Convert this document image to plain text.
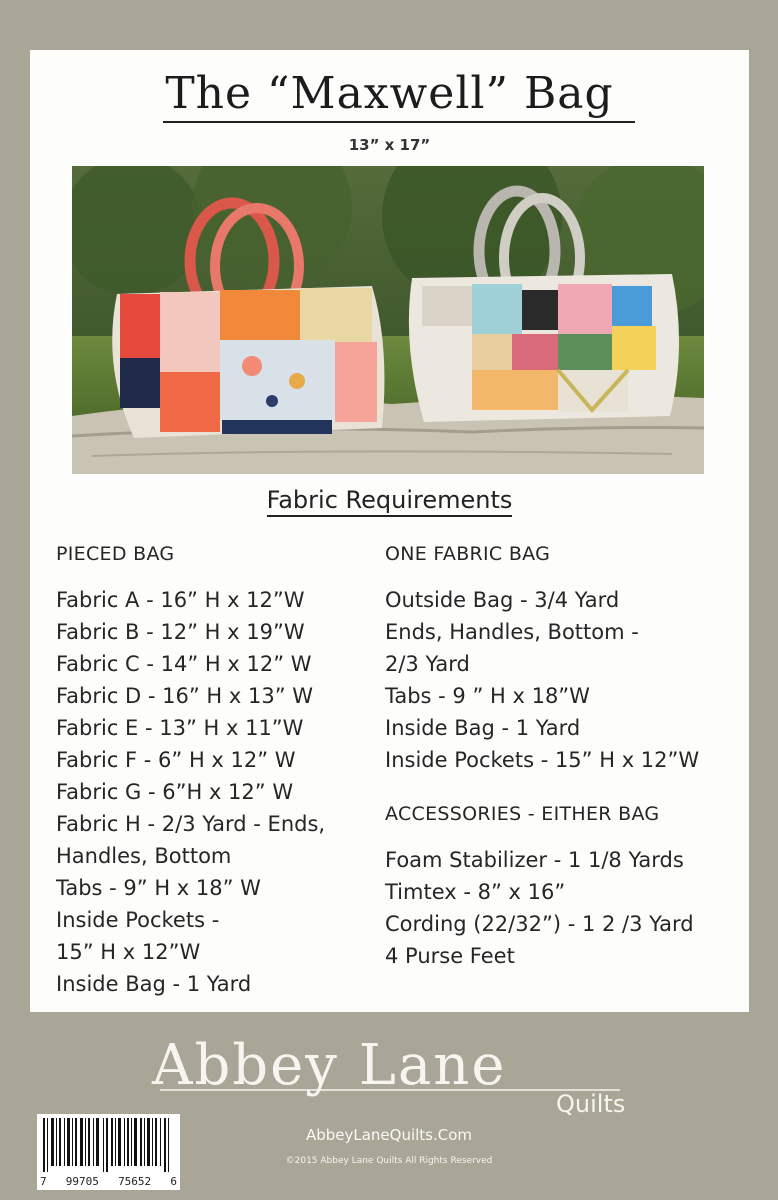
The “Maxwell” Bag
13” x 17”
Fabric Requirements
PIECED BAG
Fabric A - 16” H x 12”W
Fabric B - 12” H x 19”W
Fabric C - 14” H x 12” W
Fabric D - 16” H x 13” W
Fabric E - 13” H x 11”W
Fabric F - 6” H x 12” W
Fabric G - 6”H x 12” W
Fabric H - 2/3 Yard - Ends,
Handles, Bottom
Tabs - 9” H x 18” W
Inside Pockets -
15” H x 12”W
Inside Bag - 1 Yard
ONE FABRIC BAG
Outside Bag - 3/4 Yard
Ends, Handles, Bottom -
2/3 Yard
Tabs - 9 ” H x 18”W
Inside Bag - 1 Yard
Inside Pockets - 15” H x 12”W
ACCESSORIES - EITHER BAG
Foam Stabilizer - 1 1/8 Yards
Timtex - 8” x 16”
Cording (22/32”) - 1 2 /3 Yard
4 Purse Feet
Abbey Lane
Quilts
7 99705 75652 6
AbbeyLaneQuilts.Com
©2015 Abbey Lane Quilts All Rights Reserved
